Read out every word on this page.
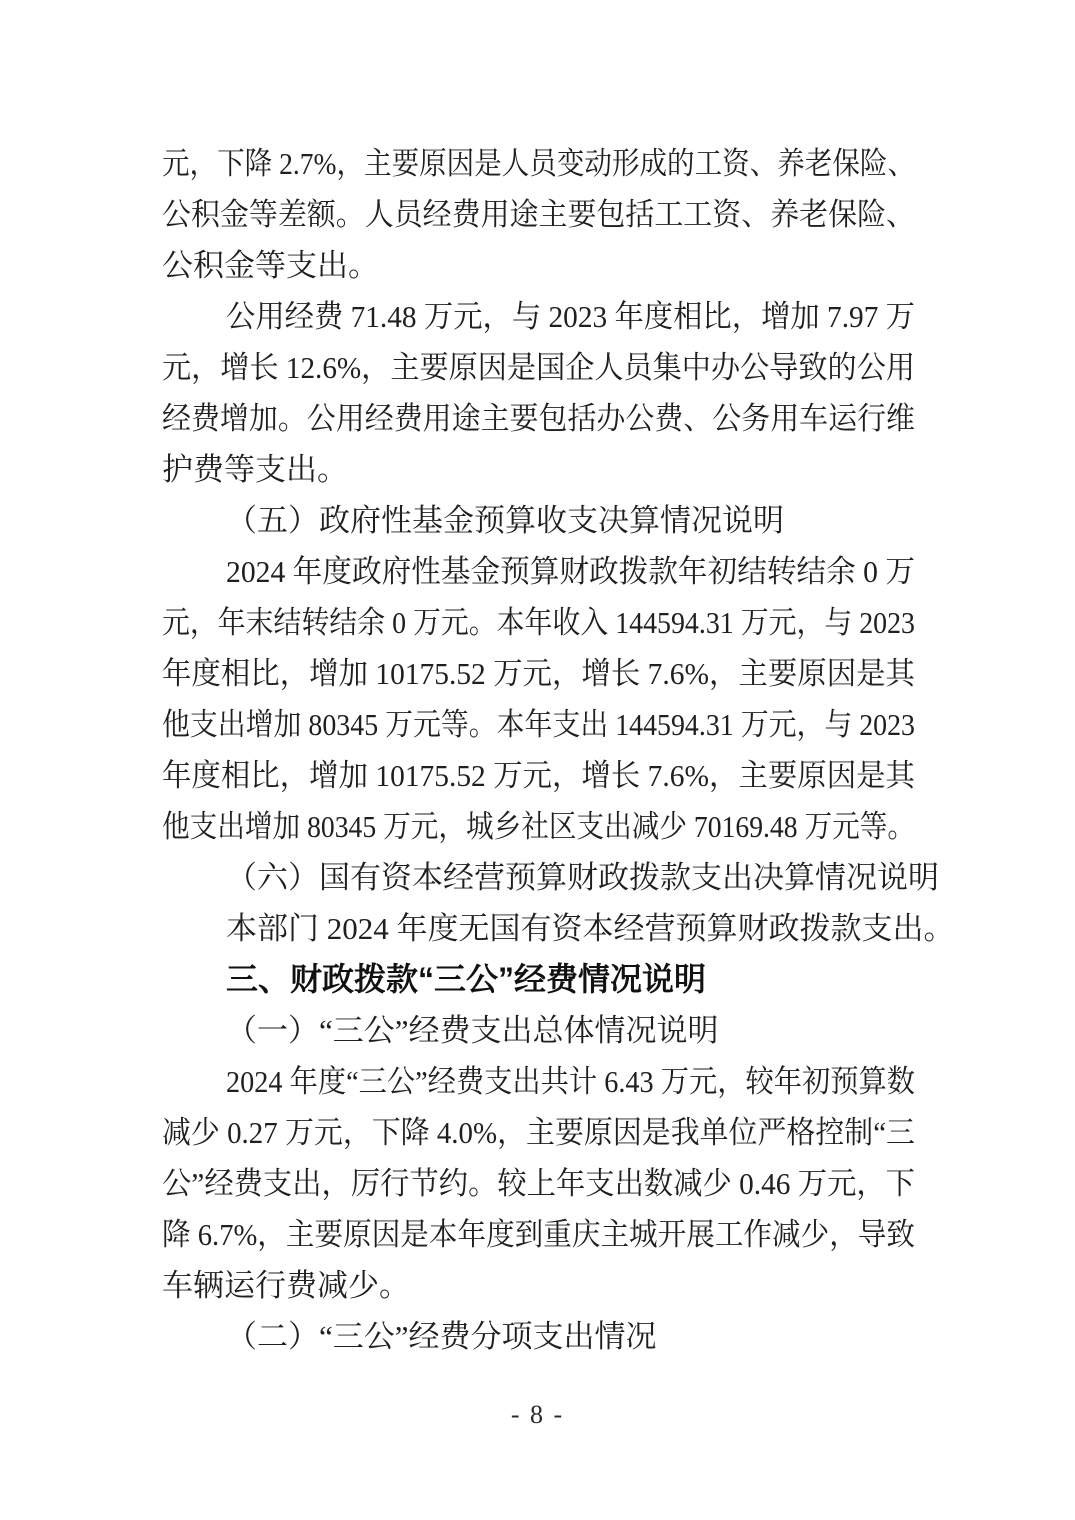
元，下降 2.7%，主要原因是人员变动形成的工资、养老保险、
公积金等差额。人员经费用途主要包括工工资、养老保险、
公积金等支出。
公用经费 71.48 万元，与 2023 年度相比，增加 7.97 万
元，增长 12.6%，主要原因是国企人员集中办公导致的公用
经费增加。公用经费用途主要包括办公费、公务用车运行维
护费等支出。
（五）政府性基金预算收支决算情况说明
2024 年度政府性基金预算财政拨款年初结转结余 0 万
元，年末结转结余 0 万元。本年收入 144594.31 万元，与 2023
年度相比，增加 10175.52 万元，增长 7.6%，主要原因是其
他支出增加 80345 万元等。本年支出 144594.31 万元，与 2023
年度相比，增加 10175.52 万元，增长 7.6%，主要原因是其
他支出增加 80345 万元，城乡社区支出减少 70169.48 万元等。
（六）国有资本经营预算财政拨款支出决算情况说明
本部门 2024 年度无国有资本经营预算财政拨款支出。
三、财政拨款“三公”经费情况说明
（一）“三公”经费支出总体情况说明
2024 年度“三公”经费支出共计 6.43 万元，较年初预算数
减少 0.27 万元，下降 4.0%，主要原因是我单位严格控制“三
公”经费支出，厉行节约。较上年支出数减少 0.46 万元，下
降 6.7%，主要原因是本年度到重庆主城开展工作减少，导致
车辆运行费减少。
（二）“三公”经费分项支出情况
- 8 -
